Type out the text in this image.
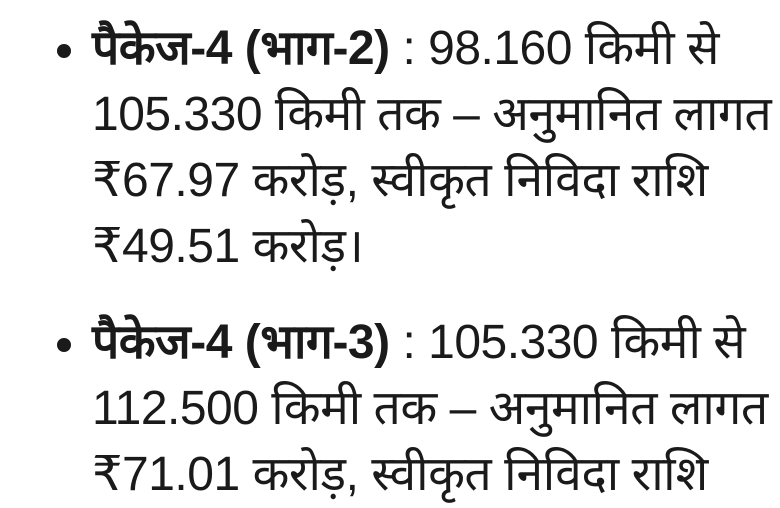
पैकेज-4 (भाग-2) : 98.160 किमी से
105.330 किमी तक – अनुमानित लागत
₹67.97 करोड़, स्वीकृत निविदा राशि
₹49.51 करोड़।
पैकेज-4 (भाग-3) : 105.330 किमी से
112.500 किमी तक – अनुमानित लागत
₹71.01 करोड़, स्वीकृत निविदा राशि
